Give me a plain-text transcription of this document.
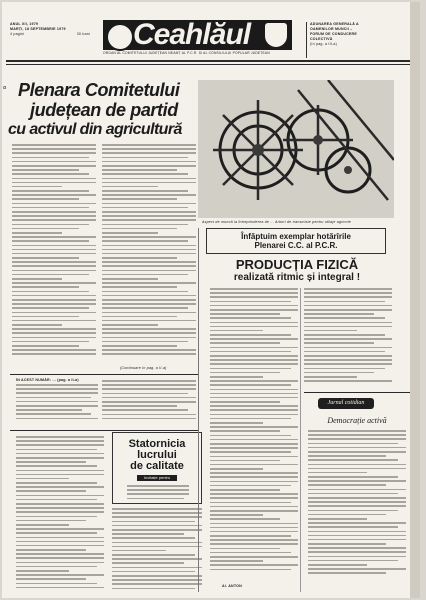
ANUL XII, 1979
MARȚI, 18 SEPTEMBRIE 1979
4 pagini	30 bani Ceahlăul
ORGAN AL COMITETULUI JUDEȚEAN NEAMȚ AL P.C.R. ȘI AL CONSILIULUI POPULAR JUDEȚEAN
ADUNAREA GENERALĂ A
OAMENILOR MUNCII –
FORUM DE CONDUCERE
COLECTIVĂ
(în pag. a III-a)
Plenara Comitetului
județean de partid
cu activul din agricultură
(Continuare în pag. a II-a)
ÎN ACEST NUMĂR: ... (pag. a II-a)
Statornicia
lucrului
de calitate
Invitație pentru
Aspect de muncă la Întreprinderea de ... Arbori de transmisie pentru utilaje agricole
Înfăptuim exemplar hotărîrile
Plenarei C.C. al P.C.R.
PRODUCȚIA FIZICĂ
realizată ritmic și integral !
Al. ANTON
Jurnal cotidian
Democrație activă
8
